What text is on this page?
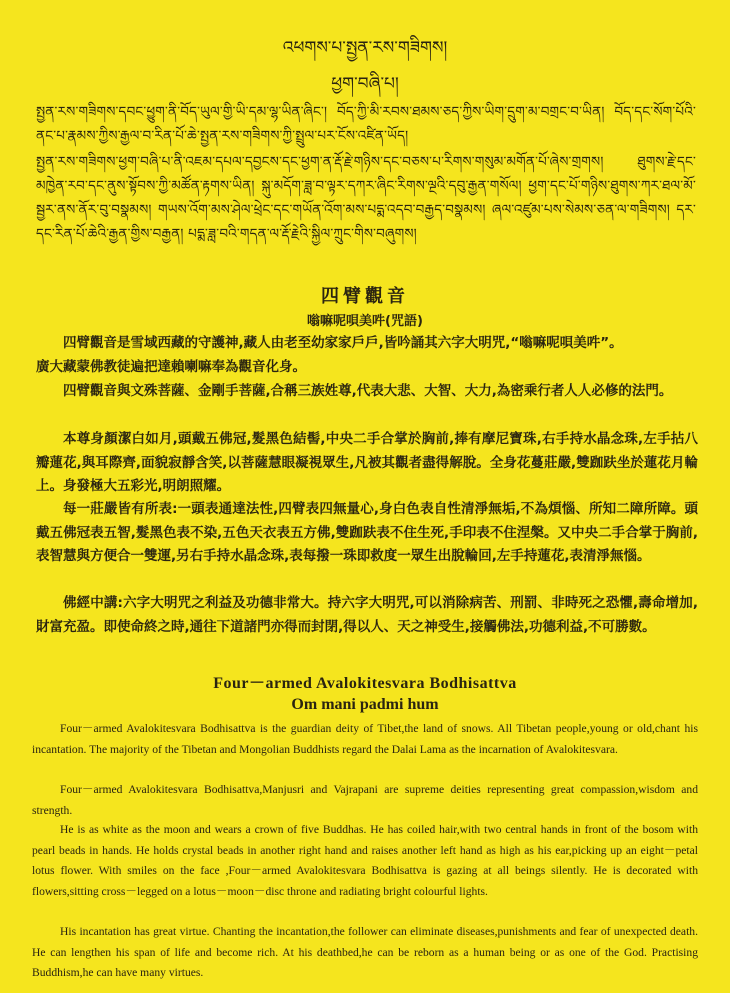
འཕགས་པ་སྤྱན་རས་གཟིགས།
ཕྱག་བཞི་པ།

སྤྱན་རས་གཟིགས་དབང་ཕྱུག་ནི་བོད་ཡུལ་གྱི་ཡི་དམ་ལྷ་ཡིན་ཞིང་། བོད་ཀྱི་མི་རབས་ཐམས་ཅད་ཀྱིས་ཡིག་དྲུག་མ་བགྲང་བ་ཡིན། བོད་དང་སོག་པོའི་ནང་པ་རྣམས་ཀྱིས་རྒྱལ་བ་རིན་པོ་ཆེ་སྤྱན་རས་གཟིགས་ཀྱི་སྤྲུལ་པར་ངོས་འཛིན་ཡོད།

སྤྱན་རས་གཟིགས་ཕྱག་བཞི་པ་ནི་འཇམ་དཔལ་དབྱངས་དང་ཕྱག་ན་རྡོ་རྗེ་གཉིས་དང་བཅས་པ་རིགས་གསུམ་མགོན་པོ་ཞེས་གྲགས། ཐུགས་རྗེ་དང་མཁྱེན་རབ་དང་ནུས་སྟོབས་ཀྱི་མཚོན་རྟགས་ཡིན། སྐུ་མདོག་ཟླ་བ་ལྟར་དཀར་ཞིང་རིགས་ལྔའི་དབུ་རྒྱན་གསོལ། ཕྱག་དང་པོ་གཉིས་ཐུགས་ཀར་ཐལ་མོ་སྦྱར་ནས་ནོར་བུ་བསྣམས། གཡས་འོག་མས་ཤེལ་ཕྲེང་དང་གཡོན་འོག་མས་པདྨ་འདབ་བརྒྱད་བསྣམས། ཞལ་འཛུམ་པས་སེམས་ཅན་ལ་གཟིགས། དར་དང་རིན་པོ་ཆེའི་རྒྱན་གྱིས་བརྒྱན། པདྨ་ཟླ་བའི་གདན་ལ་རྡོ་རྗེའི་སྐྱིལ་ཀྲུང་གིས་བཞུགས།

四臂觀音
嗡嘛呢唄美吽(咒語)

四臂觀音是雪域西藏的守護神,藏人由老至幼家家戶戶,皆吟誦其六字大明咒,“嗡嘛呢唄美吽”。
廣大藏蒙佛教徒遍把達賴喇嘛奉為觀音化身。

四臂觀音與文殊菩薩、金剛手菩薩,合稱三族姓尊,代表大悲、大智、大力,為密乘行者人人必修的法門。

本尊身顏潔白如月,頭戴五佛冠,髮黑色結髻,中央二手合掌於胸前,捧有摩尼寶珠,右手持水晶念珠,左手拈八瓣蓮花,與耳際齊,面貌寂靜含笑,以菩薩慧眼凝視眾生,凡被其觀者盡得解脫。全身花蔓莊嚴,雙跏趺坐於蓮花月輪上。身發極大五彩光,明朗照耀。

每一莊嚴皆有所表:一頭表通達法性,四臂表四無量心,身白色表自性清淨無垢,不為煩惱、所知二障所障。頭戴五佛冠表五智,髮黑色表不染,五色天衣表五方佛,雙跏趺表不住生死,手印表不住涅槃。又中央二手合掌于胸前,表智慧與方便合一雙運,另右手持水晶念珠,表每撥一珠即救度一眾生出脫輪回,左手持蓮花,表清淨無惱。

佛經中講:六字大明咒之利益及功德非常大。持六字大明咒,可以消除病苦、刑罰、非時死之恐懼,壽命增加,財富充盈。即使命終之時,通往下道諸門亦得而封閉,得以人、天之神受生,接觸佛法,功德利益,不可勝數。

Four－armed Avalokitesvara Bodhisattva
Om mani padmi hum

Four－armed Avalokitesvara Bodhisattva is the guardian deity of Tibet,the land of snows. All Tibetan people,young or old,chant his incantation. The majority of the Tibetan and Mongolian Buddhists regard the Dalai Lama as the incarnation of Avalokitesvara.

Four－armed Avalokitesvara Bodhisattva,Manjusri and Vajrapani are supreme deities representing great compassion,wisdom and strength.

He is as white as the moon and wears a crown of five Buddhas. He has coiled hair,with two central hands in front of the bosom with pearl beads in hands. He holds crystal beads in another right hand and raises another left hand as high as his ear,picking up an eight－petal lotus flower. With smiles on the face ,Four－armed Avalokitesvara Bodhisattva is gazing at all beings silently. He is decorated with flowers,sitting cross－legged on a lotus－moon－disc throne and radiating bright colourful lights.

His incantation has great virtue. Chanting the incantation,the follower can eliminate diseases,punishments and fear of unexpected death. He can lengthen his span of life and become rich. At his deathbed,he can be reborn as a human being or as one of the God. Practising Buddhism,he can have many virtues.
